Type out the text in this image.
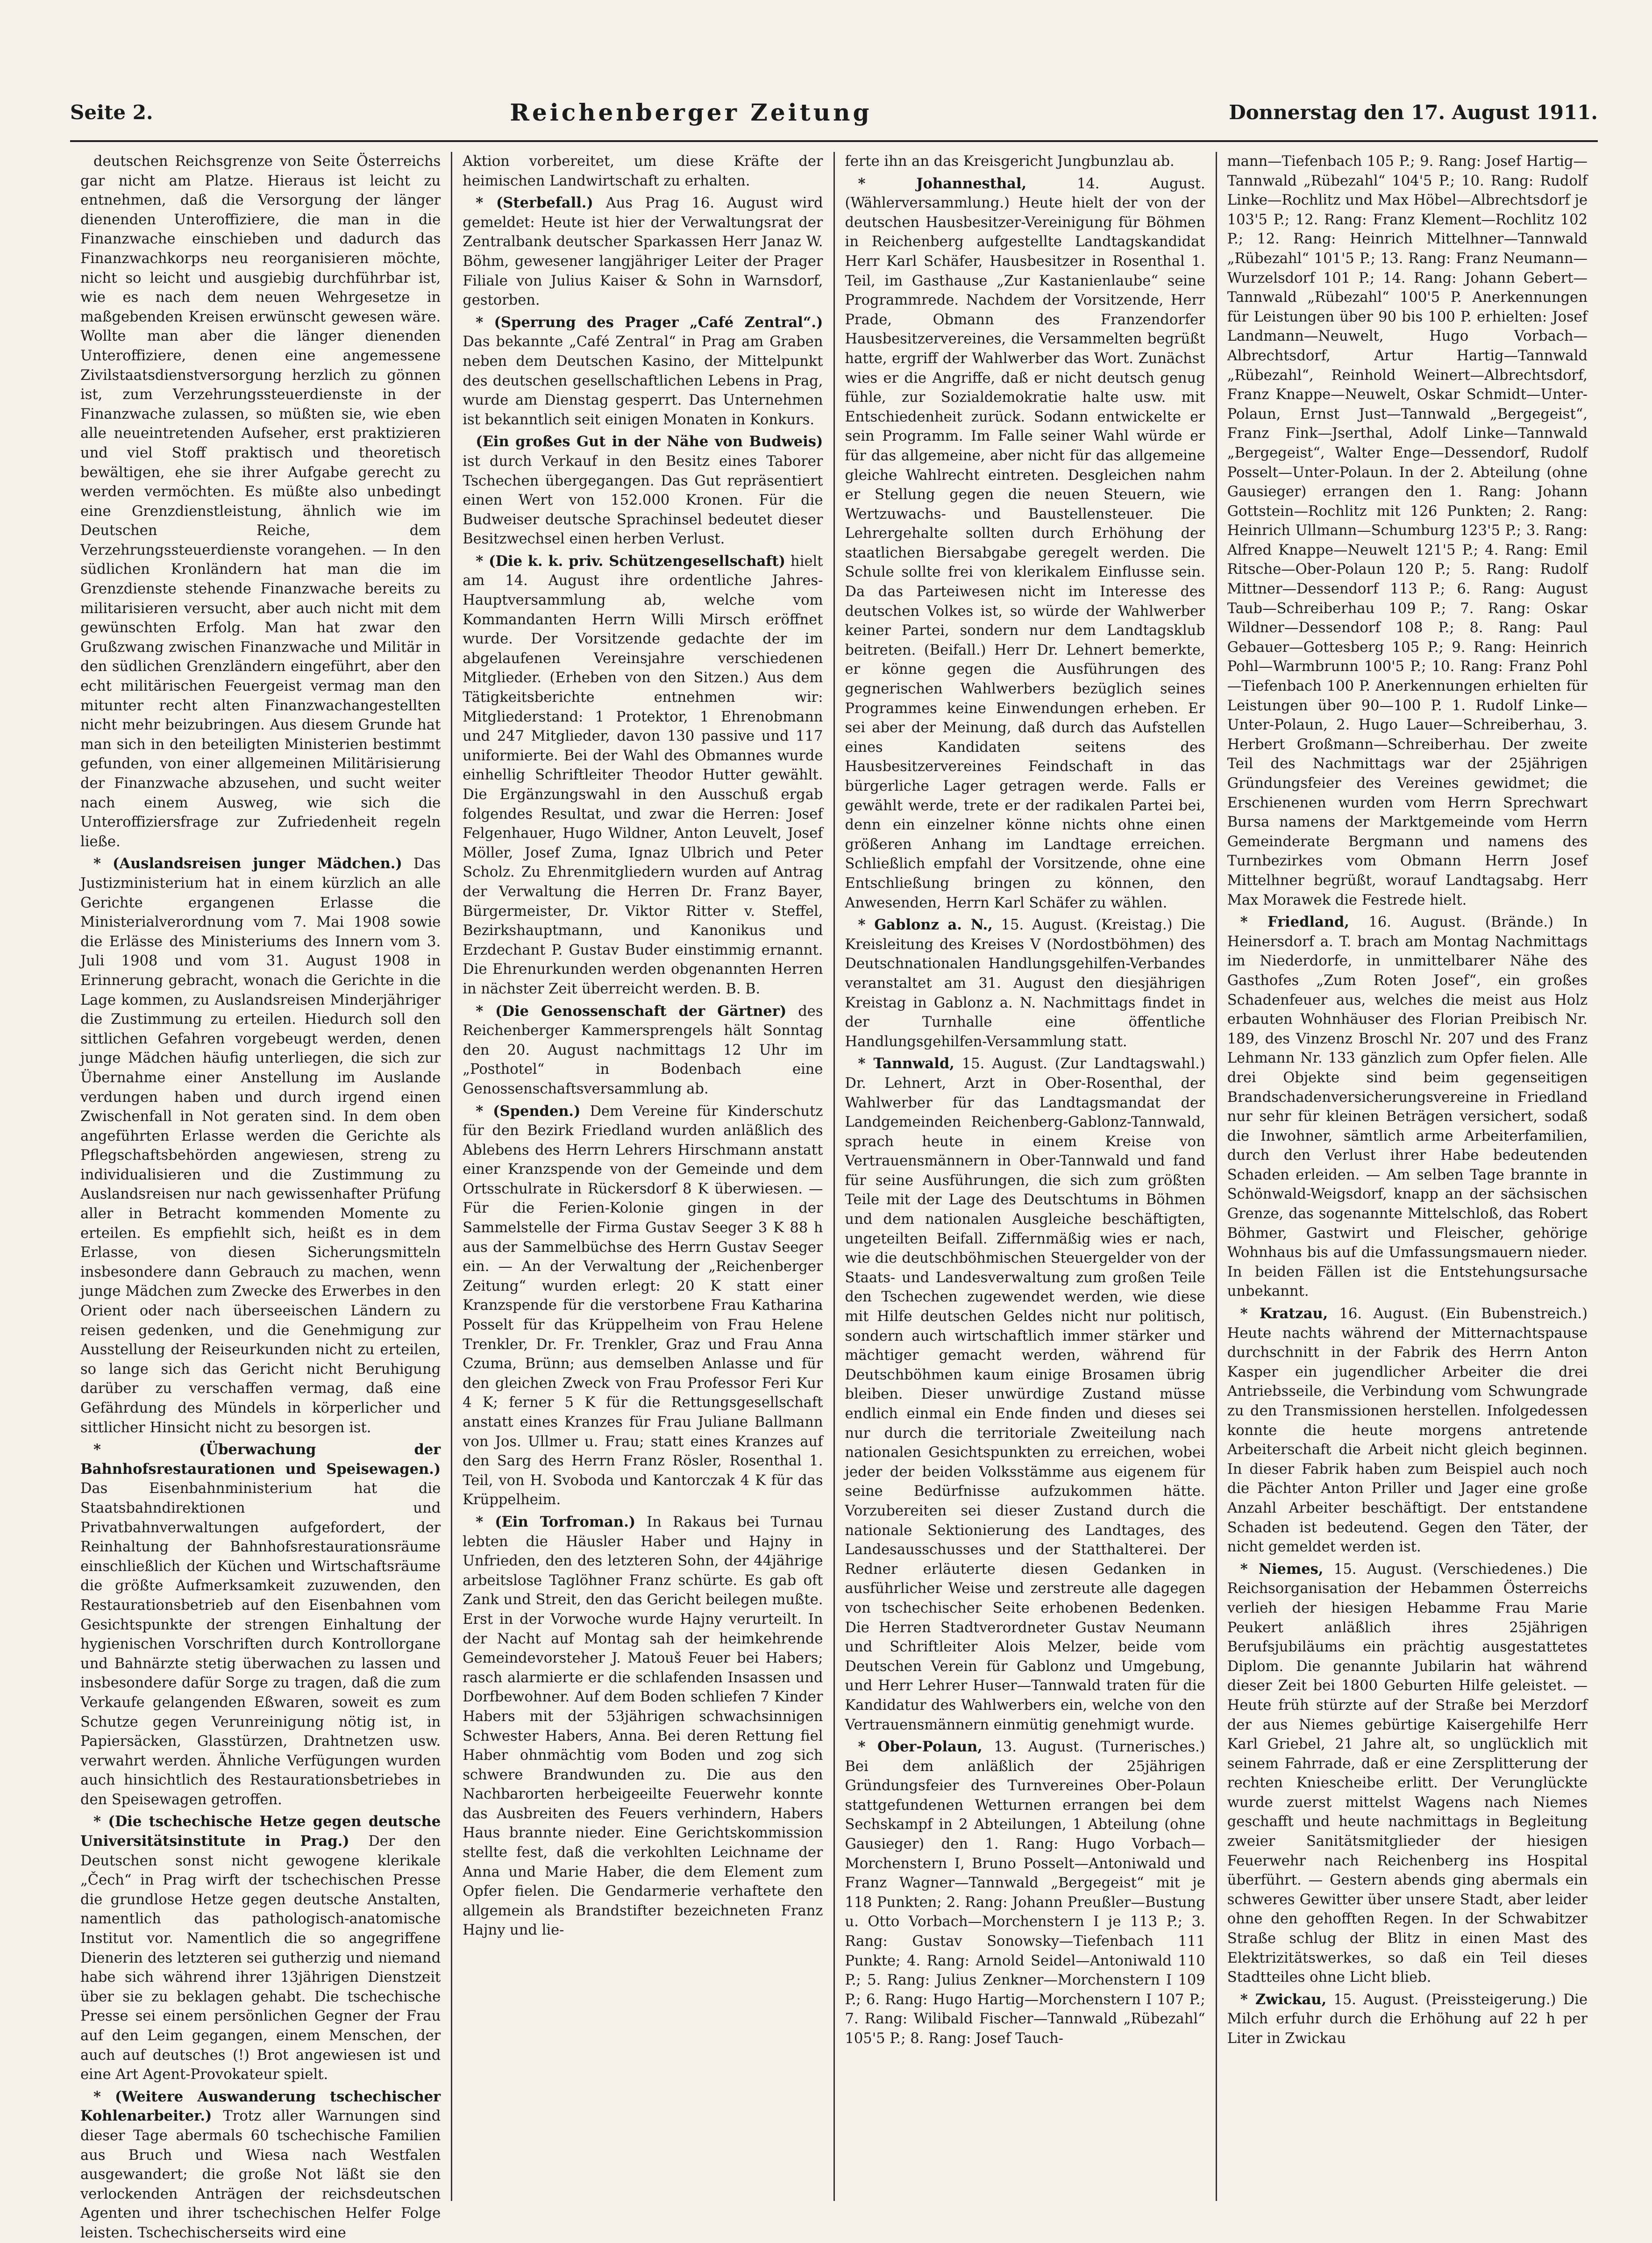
Seite 2.	Reichenberger Zeitung	Donnerstag den 17. August 1911.

deutschen Reichsgrenze von Seite Österreichs gar nicht am Platze. Hieraus ist leicht zu entnehmen, daß die Versorgung der länger dienenden Unteroffiziere, die man in die Finanzwache einschieben und dadurch das Finanzwachkorps neu reorganisieren möchte, nicht so leicht und ausgiebig durchführbar ist, wie es nach dem neuen Wehrgesetze in maßgebenden Kreisen erwünscht gewesen wäre. Wollte man aber die länger dienenden Unteroffiziere, denen eine angemessene Zivilstaatsdienstversorgung herzlich zu gönnen ist, zum Verzehrungssteuerdienste in der Finanzwache zulassen, so müßten sie, wie eben alle neueintretenden Aufseher, erst praktizieren und viel Stoff praktisch und theoretisch bewältigen, ehe sie ihrer Aufgabe gerecht zu werden vermöchten. Es müßte also unbedingt eine Grenzdienstleistung, ähnlich wie im Deutschen Reiche, dem Verzehrungssteuerdienste vorangehen. — In den südlichen Kronländern hat man die im Grenzdienste stehende Finanzwache bereits zu militarisieren versucht, aber auch nicht mit dem gewünschten Erfolg. Man hat zwar den Grußzwang zwischen Finanzwache und Militär in den südlichen Grenzländern eingeführt, aber den echt militärischen Feuergeist vermag man den mitunter recht alten Finanzwachangestellten nicht mehr beizubringen. Aus diesem Grunde hat man sich in den beteiligten Ministerien bestimmt gefunden, von einer allgemeinen Militärisierung der Finanzwache abzusehen, und sucht weiter nach einem Ausweg, wie sich die Unteroffiziersfrage zur Zufriedenheit regeln ließe.

* (Auslandsreisen junger Mädchen.) Das Justizministerium hat in einem kürzlich an alle Gerichte ergangenen Erlasse die Ministerialverordnung vom 7. Mai 1908 sowie die Erlässe des Ministeriums des Innern vom 3. Juli 1908 und vom 31. August 1908 in Erinnerung gebracht, wonach die Gerichte in die Lage kommen, zu Auslandsreisen Minderjähriger die Zustimmung zu erteilen. Hiedurch soll den sittlichen Gefahren vorgebeugt werden, denen junge Mädchen häufig unterliegen, die sich zur Übernahme einer Anstellung im Auslande verdungen haben und durch irgend einen Zwischenfall in Not geraten sind. In dem oben angeführten Erlasse werden die Gerichte als Pflegschaftsbehörden angewiesen, streng zu individualisieren und die Zustimmung zu Auslandsreisen nur nach gewissenhafter Prüfung aller in Betracht kommenden Momente zu erteilen. Es empfiehlt sich, heißt es in dem Erlasse, von diesen Sicherungsmitteln insbesondere dann Gebrauch zu machen, wenn junge Mädchen zum Zwecke des Erwerbes in den Orient oder nach überseeischen Ländern zu reisen gedenken, und die Genehmigung zur Ausstellung der Reiseurkunden nicht zu erteilen, so lange sich das Gericht nicht Beruhigung darüber zu verschaffen vermag, daß eine Gefährdung des Mündels in körperlicher und sittlicher Hinsicht nicht zu besorgen ist.

* (Überwachung der Bahnhofsrestaurationen und Speisewagen.) Das Eisenbahnministerium hat die Staatsbahndirektionen und Privatbahnverwaltungen aufgefordert, der Reinhaltung der Bahnhofsrestaurationsräume einschließlich der Küchen und Wirtschaftsräume die größte Aufmerksamkeit zuzuwenden, den Restaurationsbetrieb auf den Eisenbahnen vom Gesichtspunkte der strengen Einhaltung der hygienischen Vorschriften durch Kontrollorgane und Bahnärzte stetig überwachen zu lassen und insbesondere dafür Sorge zu tragen, daß die zum Verkaufe gelangenden Eßwaren, soweit es zum Schutze gegen Verunreinigung nötig ist, in Papiersäcken, Glasstürzen, Drahtnetzen usw. verwahrt werden. Ähnliche Verfügungen wurden auch hinsichtlich des Restaurationsbetriebes in den Speisewagen getroffen.

* (Die tschechische Hetze gegen deutsche Universitätsinstitute in Prag.) Der den Deutschen sonst nicht gewogene klerikale „Čech“ in Prag wirft der tschechischen Presse die grundlose Hetze gegen deutsche Anstalten, namentlich das pathologisch-anatomische Institut vor. Namentlich die so angegriffene Dienerin des letzteren sei gutherzig und niemand habe sich während ihrer 13jährigen Dienstzeit über sie zu beklagen gehabt. Die tschechische Presse sei einem persönlichen Gegner der Frau auf den Leim gegangen, einem Menschen, der auch auf deutsches (!) Brot angewiesen ist und eine Art Agent-Provokateur spielt.

* (Weitere Auswanderung tschechischer Kohlenarbeiter.) Trotz aller Warnungen sind dieser Tage abermals 60 tschechische Familien aus Bruch und Wiesa nach Westfalen ausgewandert; die große Not läßt sie den verlockenden Anträgen der reichsdeutschen Agenten und ihrer tschechischen Helfer Folge leisten. Tschechischerseits wird eine

Aktion vorbereitet, um diese Kräfte der heimischen Landwirtschaft zu erhalten.

* (Sterbefall.) Aus Prag 16. August wird gemeldet: Heute ist hier der Verwaltungsrat der Zentralbank deutscher Sparkassen Herr Janaz W. Böhm, gewesener langjähriger Leiter der Prager Filiale von Julius Kaiser & Sohn in Warnsdorf, gestorben.

* (Sperrung des Prager „Café Zentral“.) Das bekannte „Café Zentral“ in Prag am Graben neben dem Deutschen Kasino, der Mittelpunkt des deutschen gesellschaftlichen Lebens in Prag, wurde am Dienstag gesperrt. Das Unternehmen ist bekanntlich seit einigen Monaten in Konkurs.

(Ein großes Gut in der Nähe von Budweis) ist durch Verkauf in den Besitz eines Taborer Tschechen übergegangen. Das Gut repräsentiert einen Wert von 152.000 Kronen. Für die Budweiser deutsche Sprachinsel bedeutet dieser Besitzwechsel einen herben Verlust.

* (Die k. k. priv. Schützengesellschaft) hielt am 14. August ihre ordentliche Jahres-Hauptversammlung ab, welche vom Kommandanten Herrn Willi Mirsch eröffnet wurde. Der Vorsitzende gedachte der im abgelaufenen Vereinsjahre verschiedenen Mitglieder. (Erheben von den Sitzen.) Aus dem Tätigkeitsberichte entnehmen wir: Mitgliederstand: 1 Protektor, 1 Ehrenobmann und 247 Mitglieder, davon 130 passive und 117 uniformierte. Bei der Wahl des Obmannes wurde einhellig Schriftleiter Theodor Hutter gewählt. Die Ergänzungswahl in den Ausschuß ergab folgendes Resultat, und zwar die Herren: Josef Felgenhauer, Hugo Wildner, Anton Leuvelt, Josef Möller, Josef Zuma, Ignaz Ulbrich und Peter Scholz. Zu Ehrenmitgliedern wurden auf Antrag der Verwaltung die Herren Dr. Franz Bayer, Bürgermeister, Dr. Viktor Ritter v. Steffel, Bezirkshauptmann, und Kanonikus und Erzdechant P. Gustav Buder einstimmig ernannt. Die Ehrenurkunden werden obgenannten Herren in nächster Zeit überreicht werden. B. B.

* (Die Genossenschaft der Gärtner) des Reichenberger Kammersprengels hält Sonntag den 20. August nachmittags 12 Uhr im „Posthotel“ in Bodenbach eine Genossenschaftsversammlung ab.

* (Spenden.) Dem Vereine für Kinderschutz für den Bezirk Friedland wurden anläßlich des Ablebens des Herrn Lehrers Hirschmann anstatt einer Kranzspende von der Gemeinde und dem Ortsschulrate in Rückersdorf 8 K überwiesen. — Für die Ferien-Kolonie gingen in der Sammelstelle der Firma Gustav Seeger 3 K 88 h aus der Sammelbüchse des Herrn Gustav Seeger ein. — An der Verwaltung der „Reichenberger Zeitung“ wurden erlegt: 20 K statt einer Kranzspende für die verstorbene Frau Katharina Posselt für das Krüppelheim von Frau Helene Trenkler, Dr. Fr. Trenkler, Graz und Frau Anna Czuma, Brünn; aus demselben Anlasse und für den gleichen Zweck von Frau Professor Feri Kur 4 K; ferner 5 K für die Rettungsgesellschaft anstatt eines Kranzes für Frau Juliane Ballmann von Jos. Ullmer u. Frau; statt eines Kranzes auf den Sarg des Herrn Franz Rösler, Rosenthal 1. Teil, von H. Svoboda und Kantorczak 4 K für das Krüppelheim.

* (Ein Torfroman.) In Rakaus bei Turnau lebten die Häusler Haber und Hajny in Unfrieden, den des letzteren Sohn, der 44jährige arbeitslose Taglöhner Franz schürte. Es gab oft Zank und Streit, den das Gericht beilegen mußte. Erst in der Vorwoche wurde Hajny verurteilt. In der Nacht auf Montag sah der heimkehrende Gemeindevorsteher J. Matouš Feuer bei Habers; rasch alarmierte er die schlafenden Insassen und Dorfbewohner. Auf dem Boden schliefen 7 Kinder Habers mit der 53jährigen schwachsinnigen Schwester Habers, Anna. Bei deren Rettung fiel Haber ohnmächtig vom Boden und zog sich schwere Brandwunden zu. Die aus den Nachbarorten herbeigeeilte Feuerwehr konnte das Ausbreiten des Feuers verhindern, Habers Haus brannte nieder. Eine Gerichtskommission stellte fest, daß die verkohlten Leichname der Anna und Marie Haber, die dem Element zum Opfer fielen. Die Gendarmerie verhaftete den allgemein als Brandstifter bezeichneten Franz Hajny und lie-

ferte ihn an das Kreisgericht Jungbunzlau ab.

* Johannesthal,	14. August. (Wählerversammlung.) Heute hielt der von der deutschen Hausbesitzer-Vereinigung für Böhmen in Reichenberg aufgestellte Landtagskandidat Herr Karl Schäfer, Hausbesitzer in Rosenthal 1. Teil, im Gasthause „Zur Kastanienlaube“ seine Programmrede. Nachdem der Vorsitzende, Herr Prade, Obmann des Franzendorfer Hausbesitzervereines, die Versammelten begrüßt hatte, ergriff der Wahlwerber das Wort. Zunächst wies er die Angriffe, daß er nicht deutsch genug fühle, zur Sozialdemokratie halte usw. mit Entschiedenheit zurück. Sodann entwickelte er sein Programm. Im Falle seiner Wahl würde er für das allgemeine, aber nicht für das allgemeine gleiche Wahlrecht eintreten. Desgleichen nahm er Stellung gegen die neuen Steuern, wie Wertzuwachs- und Baustellensteuer. Die Lehrergehalte sollten durch Erhöhung der staatlichen Biersabgabe geregelt werden. Die Schule sollte frei von klerikalem Einflusse sein. Da das Parteiwesen nicht im Interesse des deutschen Volkes ist, so würde der Wahlwerber keiner Partei, sondern nur dem Landtagsklub beitreten. (Beifall.) Herr Dr. Lehnert bemerkte, er könne gegen die Ausführungen des gegnerischen Wahlwerbers bezüglich seines Programmes keine Einwendungen erheben. Er sei aber der Meinung, daß durch das Aufstellen eines Kandidaten seitens des Hausbesitzervereines Feindschaft in das bürgerliche Lager getragen werde. Falls er gewählt werde, trete er der radikalen Partei bei, denn ein einzelner könne nichts ohne einen größeren Anhang im Landtage erreichen. Schließlich empfahl der Vorsitzende, ohne eine Entschließung bringen zu können, den Anwesenden, Herrn Karl Schäfer zu wählen.

* Gablonz a. N., 15. August. (Kreistag.) Die Kreisleitung des Kreises V (Nordostböhmen) des Deutschnationalen Handlungsgehilfen-Verbandes veranstaltet am 31. August den diesjährigen Kreistag in Gablonz a. N. Nachmittags findet in der Turnhalle eine öffentliche Handlungsgehilfen-Versammlung statt.

* Tannwald, 15. August. (Zur Landtagswahl.) Dr. Lehnert, Arzt in Ober-Rosenthal, der Wahlwerber für das Landtagsmandat der Landgemeinden Reichenberg-Gablonz-Tannwald, sprach heute in einem Kreise von Vertrauensmännern in Ober-Tannwald und fand für seine Ausführungen, die sich zum größten Teile mit der Lage des Deutschtums in Böhmen und dem nationalen Ausgleiche beschäftigten, ungeteilten Beifall. Ziffernmäßig wies er nach, wie die deutschböhmischen Steuergelder von der Staats- und Landesverwaltung zum großen Teile den Tschechen zugewendet werden, wie diese mit Hilfe deutschen Geldes nicht nur politisch, sondern auch wirtschaftlich immer stärker und mächtiger gemacht werden, während für Deutschböhmen kaum einige Brosamen übrig bleiben. Dieser unwürdige Zustand müsse endlich einmal ein Ende finden und dieses sei nur durch die territoriale Zweiteilung nach nationalen Gesichtspunkten zu erreichen, wobei jeder der beiden Volksstämme aus eigenem für seine Bedürfnisse aufzukommen hätte. Vorzubereiten sei dieser Zustand durch die nationale Sektionierung des Landtages, des Landesausschusses und der Statthalterei. Der Redner erläuterte diesen Gedanken in ausführlicher Weise und zerstreute alle dagegen von tschechischer Seite erhobenen Bedenken. Die Herren Stadtverordneter Gustav Neumann und Schriftleiter Alois Melzer, beide vom Deutschen Verein für Gablonz und Umgebung, und Herr Lehrer Huser—Tannwald traten für die Kandidatur des Wahlwerbers ein, welche von den Vertrauensmännern einmütig genehmigt wurde.

* Ober-Polaun, 13. August. (Turnerisches.) Bei dem anläßlich der 25jährigen Gründungsfeier des Turnvereines Ober-Polaun stattgefundenen Wetturnen errangen bei dem Sechskampf in 2 Abteilungen, 1 Abteilung (ohne Gausieger) den 1. Rang: Hugo Vorbach—Morchenstern I, Bruno Posselt—Antoniwald und Franz Wagner—Tannwald „Bergegeist“ mit je 118 Punkten; 2. Rang: Johann Preußler—Bustung u. Otto Vorbach—Morchenstern I je 113 P.; 3. Rang: Gustav Sonowsky—Tiefenbach 111 Punkte; 4. Rang: Arnold Seidel—Antoniwald 110 P.; 5. Rang: Julius Zenkner—Morchenstern I 109 P.; 6. Rang: Hugo Hartig—Morchenstern I 107 P.; 7. Rang: Wilibald Fischer—Tannwald „Rübezahl“ 105'5 P.; 8. Rang: Josef Tauch-

mann—Tiefenbach 105 P.; 9. Rang: Josef Hartig—Tannwald „Rübezahl“ 104'5 P.; 10. Rang: Rudolf Linke—Rochlitz und Max Höbel—Albrechtsdorf je 103'5 P.; 12. Rang: Franz Klement—Rochlitz 102 P.; 12. Rang: Heinrich Mittelhner—Tannwald „Rübezahl“ 101'5 P.; 13. Rang: Franz Neumann—Wurzelsdorf 101 P.; 14. Rang: Johann Gebert—Tannwald „Rübezahl“ 100'5 P. Anerkennungen für Leistungen über 90 bis 100 P. erhielten: Josef Landmann—Neuwelt, Hugo Vorbach—Albrechtsdorf, Artur Hartig—Tannwald „Rübezahl“, Reinhold Weinert—Albrechtsdorf, Franz Knappe—Neuwelt, Oskar Schmidt—Unter-Polaun, Ernst Just—Tannwald „Bergegeist“, Franz Fink—Jserthal, Adolf Linke—Tannwald „Bergegeist“, Walter Enge—Dessendorf, Rudolf Posselt—Unter-Polaun. In der 2. Abteilung (ohne Gausieger) errangen den 1. Rang: Johann Gottstein—Rochlitz mit 126 Punkten; 2. Rang: Heinrich Ullmann—Schumburg 123'5 P.; 3. Rang: Alfred Knappe—Neuwelt 121'5 P.; 4. Rang: Emil Ritsche—Ober-Polaun 120 P.; 5. Rang: Rudolf Mittner—Dessendorf 113 P.; 6. Rang: August Taub—Schreiberhau 109 P.; 7. Rang: Oskar Wildner—Dessendorf 108 P.; 8. Rang: Paul Gebauer—Gottesberg 105 P.; 9. Rang: Heinrich Pohl—Warmbrunn 100'5 P.; 10. Rang: Franz Pohl—Tiefenbach 100 P. Anerkennungen erhielten für Leistungen über 90—100 P. 1. Rudolf Linke—Unter-Polaun, 2. Hugo Lauer—Schreiberhau, 3. Herbert Großmann—Schreiberhau. Der zweite Teil des Nachmittags war der 25jährigen Gründungsfeier des Vereines gewidmet; die Erschienenen wurden vom Herrn Sprechwart Bursa namens der Marktgemeinde vom Herrn Gemeinderate Bergmann und namens des Turnbezirkes vom Obmann Herrn Josef Mittelhner begrüßt, worauf Landtagsabg. Herr Max Morawek die Festrede hielt.

* Friedland, 16. August. (Brände.) In Heinersdorf a. T. brach am Montag Nachmittags im Niederdorfe, in unmittelbarer Nähe des Gasthofes „Zum Roten Josef“, ein großes Schadenfeuer aus, welches die meist aus Holz erbauten Wohnhäuser des Florian Preibisch Nr. 189, des Vinzenz Broschl Nr. 207 und des Franz Lehmann Nr. 133 gänzlich zum Opfer fielen. Alle drei Objekte sind beim gegenseitigen Brandschadenversicherungsvereine in Friedland nur sehr für kleinen Beträgen versichert, sodaß die Inwohner, sämtlich arme Arbeiterfamilien, durch den Verlust ihrer Habe bedeutenden Schaden erleiden. — Am selben Tage brannte in Schönwald-Weigsdorf, knapp an der sächsischen Grenze, das sogenannte Mittelschloß, das Robert Böhmer, Gastwirt und Fleischer, gehörige Wohnhaus bis auf die Umfassungsmauern nieder. In beiden Fällen ist die Entstehungsursache unbekannt.

* Kratzau, 16. August. (Ein Bubenstreich.) Heute nachts während der Mitternachtspause durchschnitt in der Fabrik des Herrn Anton Kasper ein jugendlicher Arbeiter die drei Antriebsseile, die Verbindung vom Schwungrade zu den Transmissionen herstellen. Infolgedessen konnte die heute morgens antretende Arbeiterschaft die Arbeit nicht gleich beginnen. In dieser Fabrik haben zum Beispiel auch noch die Pächter Anton Priller und Jager eine große Anzahl Arbeiter beschäftigt. Der entstandene Schaden ist bedeutend. Gegen den Täter, der nicht gemeldet werden ist.

* Niemes, 15. August. (Verschiedenes.) Die Reichsorganisation der Hebammen Österreichs verlieh der hiesigen Hebamme Frau Marie Peukert anläßlich ihres 25jährigen Berufsjubiläums ein prächtig ausgestattetes Diplom. Die genannte Jubilarin hat während dieser Zeit bei 1800 Geburten Hilfe geleistet. — Heute früh stürzte auf der Straße bei Merzdorf der aus Niemes gebürtige Kaisergehilfe Herr Karl Griebel, 21 Jahre alt, so unglücklich mit seinem Fahrrade, daß er eine Zersplitterung der rechten Kniescheibe erlitt. Der Verunglückte wurde zuerst mittelst Wagens nach Niemes geschafft und heute nachmittags in Begleitung zweier Sanitätsmitglieder der hiesigen Feuerwehr nach Reichenberg ins Hospital überführt. — Gestern abends ging abermals ein schweres Gewitter über unsere Stadt, aber leider ohne den gehofften Regen. In der Schwabitzer Straße schlug der Blitz in einen Mast des Elektrizitätswerkes, so daß ein Teil dieses Stadtteiles ohne Licht blieb.

* Zwickau, 15. August. (Preissteigerung.) Die Milch erfuhr durch die Erhöhung auf 22 h per Liter in Zwickau
